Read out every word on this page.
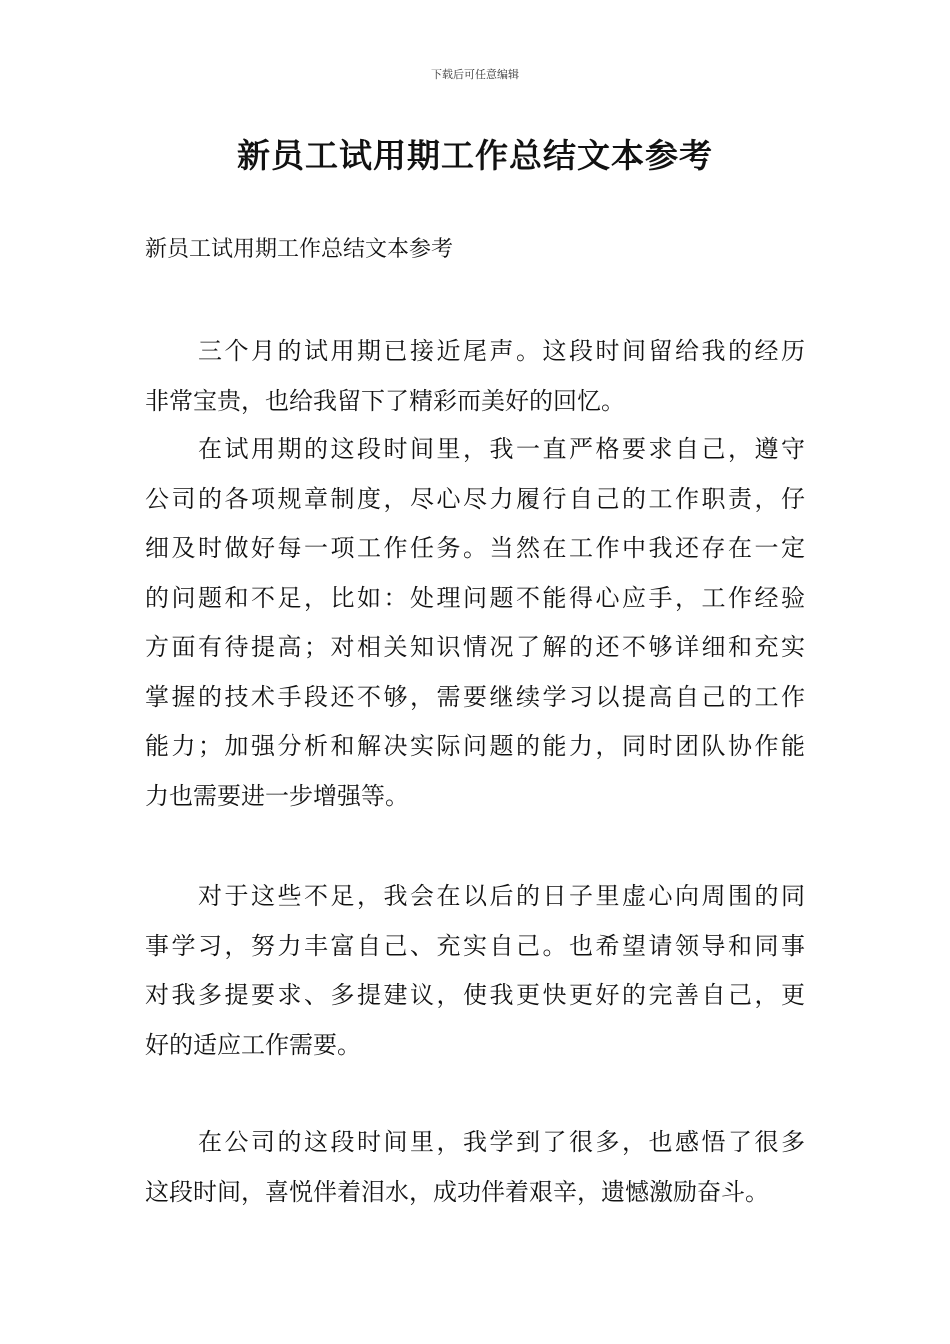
下载后可任意编辑
新员工试用期工作总结文本参考
新员工试用期工作总结文本参考
三个月的试用期已接近尾声。这段时间留给我的经历
非常宝贵，也给我留下了精彩而美好的回忆。
在试用期的这段时间里，我一直严格要求自己，遵守
公司的各项规章制度，尽心尽力履行自己的工作职责，仔
细及时做好每一项工作任务。当然在工作中我还存在一定
的问题和不足，比如：处理问题不能得心应手，工作经验
方面有待提高；对相关知识情况了解的还不够详细和充实
掌握的技术手段还不够，需要继续学习以提高自己的工作
能力；加强分析和解决实际问题的能力，同时团队协作能
力也需要进一步增强等。
对于这些不足，我会在以后的日子里虚心向周围的同
事学习，努力丰富自己、充实自己。也希望请领导和同事
对我多提要求、多提建议，使我更快更好的完善自己，更
好的适应工作需要。
在公司的这段时间里，我学到了很多，也感悟了很多
这段时间，喜悦伴着泪水，成功伴着艰辛，遗憾激励奋斗。
